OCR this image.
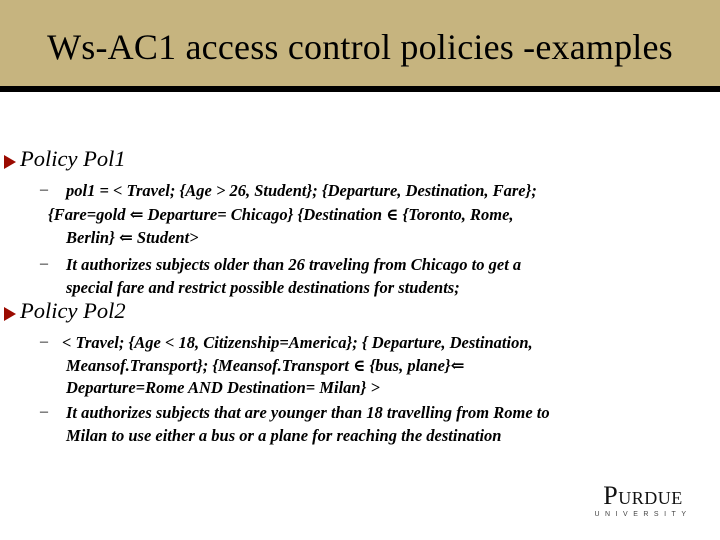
Ws-AC1 access control policies -examples
Policy Pol1
– pol1 = < Travel; {Age > 26, Student}; {Departure, Destination, Fare};
{Fare=gold ⇐ Departure= Chicago} {Destination ∈ {Toronto, Rome,
Berlin} ⇐ Student>
– It authorizes subjects older than 26 traveling from Chicago to get a
special fare and restrict possible destinations for students;
Policy Pol2
– < Travel; {Age < 18, Citizenship=America}; { Departure, Destination,
Meansof.Transport}; {Meansof.Transport ∈ {bus, plane}⇐
Departure=Rome AND Destination= Milan} >
– It authorizes subjects that are younger than 18 travelling from Rome to
Milan to use either a bus or a plane for reaching the destination
Purdue
UNIVERSITY
